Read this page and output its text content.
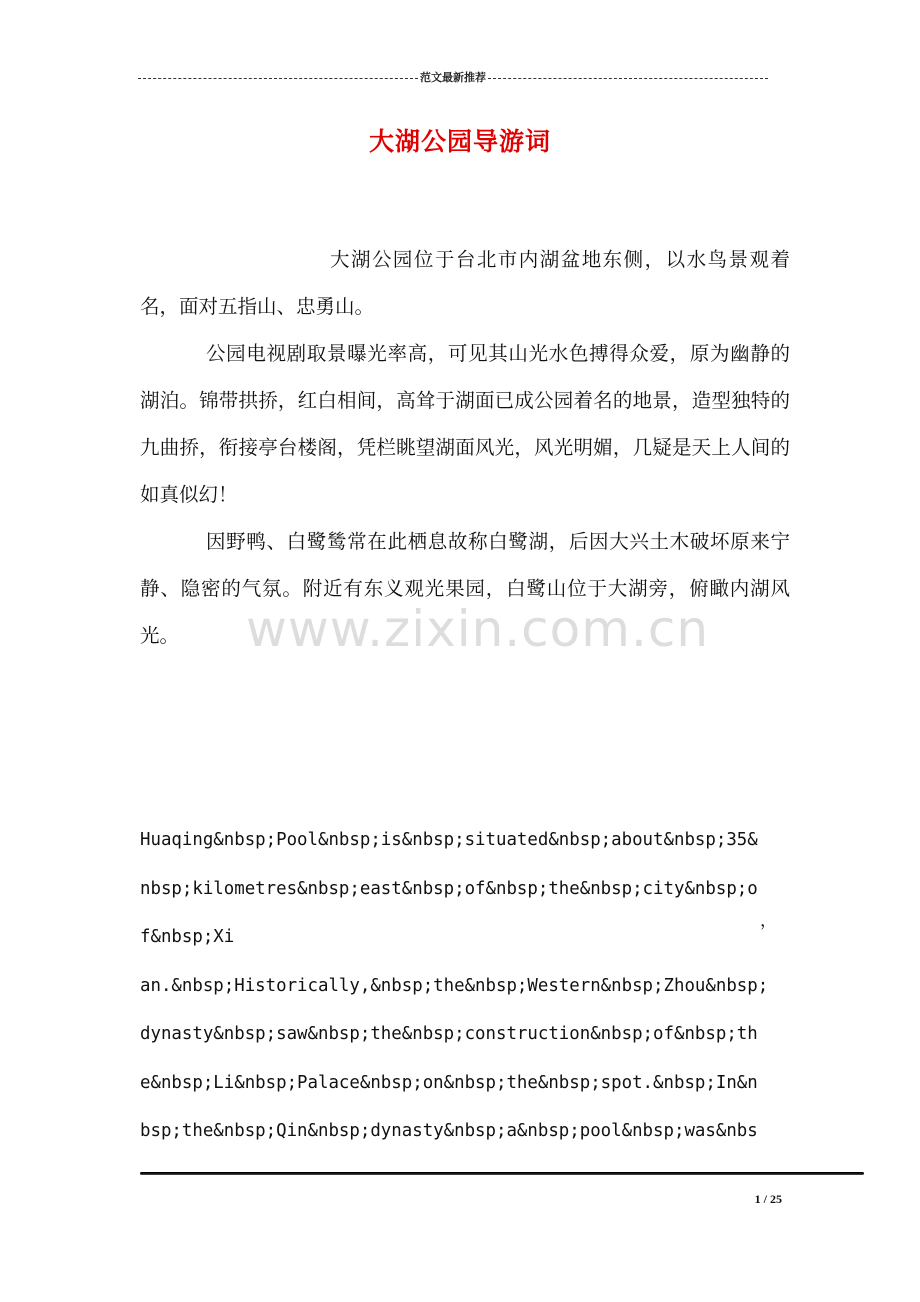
范文最新推荐
大湖公园导游词

大湖公园位于台北市内湖盆地东侧，以水鸟景观着名，面对五指山、忠勇山。

公园电视剧取景曝光率高，可见其山光水色搏得众爱，原为幽静的湖泊。锦带拱挢，红白相间，高耸于湖面已成公园着名的地景，造型独特的九曲挢，衔接亭台楼阁，凭栏眺望湖面风光，风光明媚，几疑是天上人间的如真似幻！

因野鸭、白鹭鸶常在此栖息故称白鹭湖，后因大兴土木破坏原来宁静、隐密的气氛。附近有东义观光果园，白鹭山位于大湖旁，俯瞰内湖风光。	www.zixin.com.cn
Huaqing&nbsp;Pool&nbsp;is&nbsp;situated&nbsp;about&nbsp;35&
nbsp;kilometres&nbsp;east&nbsp;of&nbsp;the&nbsp;city&nbsp;o
f&nbsp;Xi
an.&nbsp;Historically,&nbsp;the&nbsp;Western&nbsp;Zhou&nbsp;
dynasty&nbsp;saw&nbsp;the&nbsp;construction&nbsp;of&nbsp;th
e&nbsp;Li&nbsp;Palace&nbsp;on&nbsp;the&nbsp;spot.&nbsp;In&n
bsp;the&nbsp;Qin&nbsp;dynasty&nbsp;a&nbsp;pool&nbsp;was&nbs
，
1 / 25
